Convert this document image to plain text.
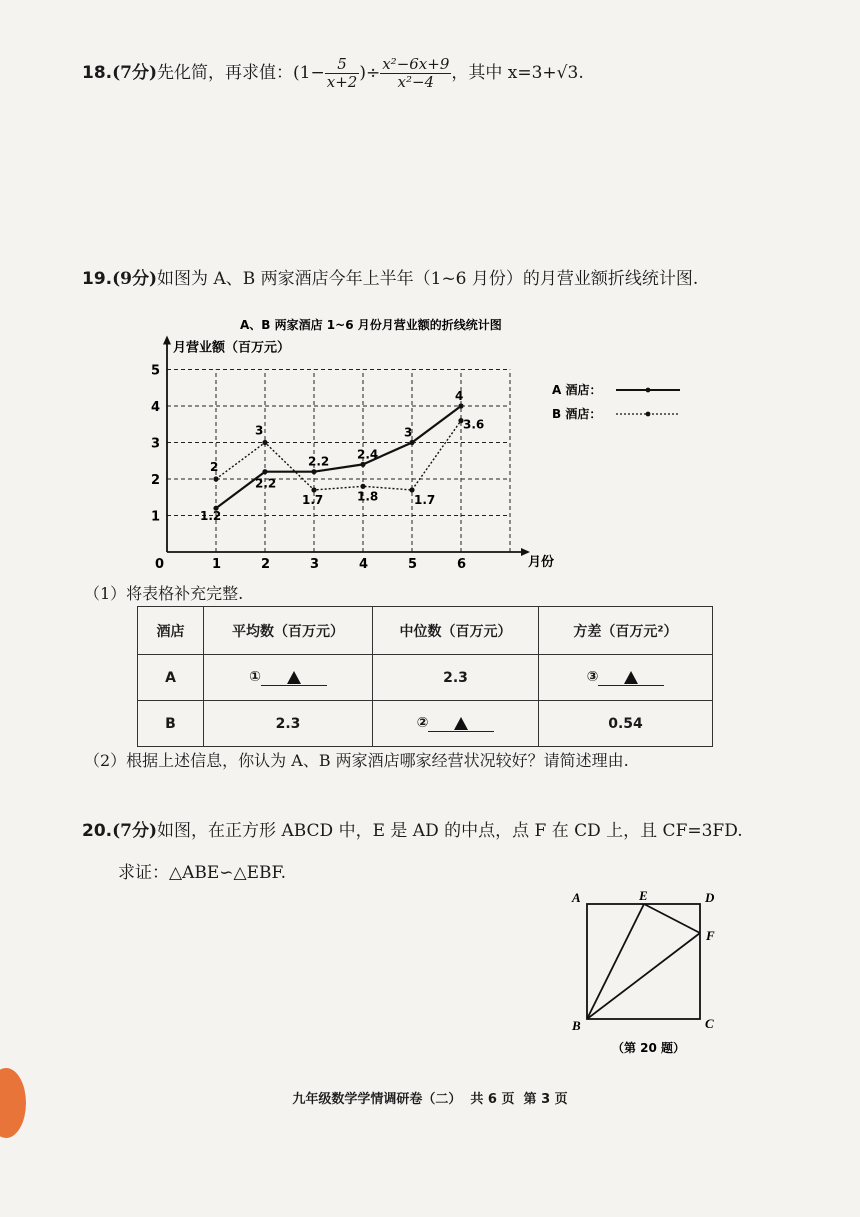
18.(7分)先化简，再求值：($1- \frac{5}{x+2}$ )÷ $\frac{\text{x²−6x+9}}{\text{x²−4}}$ ，其中 x=3+√3.
19.(9分)如图为 A、B 两家酒店今年上半年（1~6 月份）的月营业额折线统计图.
A、B 两家酒店 1~6 月份月营业额的折线统计图
月营业额（百万元）
月份
0	1	2	3	4	5	6
1
2
3
4
5
1.2
2.2
2.2
2.4
3
4
2
3
1.7	1.8	1.7
3.6
A 酒店：
B 酒店：
（1）将表格补充完整.
酒店	平均数（百万元）	中位数（百万元）	方差（百万元²）
A	①	2.3	③
B	2.3	②	0.54
（2）根据上述信息，你认为 A、B 两家酒店哪家经营状况较好？请简述理由.
20.(7分)如图，在正方形 ABCD 中，E 是 AD 的中点，点 F 在 CD 上，且 CF=3FD.
求证：△ABE∽△EBF.
A	E	D
F
B	C
（第 20 题）
九年级数学学情调研卷（二）  共 6 页  第 3 页
